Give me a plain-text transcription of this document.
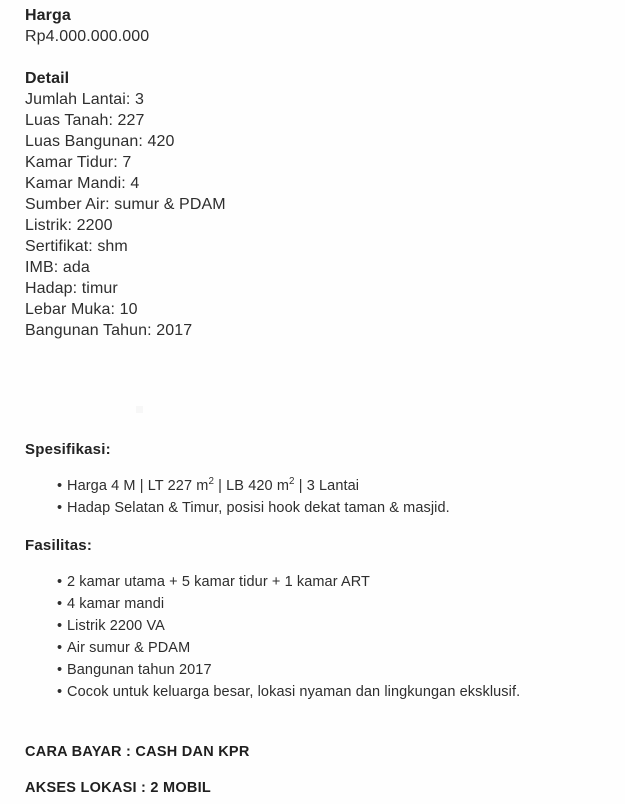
Harga

Rp4.000.000.000

Detail

Jumlah Lantai: 3

Luas Tanah: 227

Luas Bangunan: 420

Kamar Tidur: 7

Kamar Mandi: 4

Sumber Air: sumur & PDAM

Listrik: 2200

Sertifikat: shm

IMB: ada

Hadap: timur

Lebar Muka: 10

Bangunan Tahun: 2017

Spesifikasi:

• Harga 4 M | LT 227 $m^2$ | LB 420 $m^2$ | 3 Lantai
• Hadap Selatan & Timur, posisi hook dekat taman & masjid.

Fasilitas:

• 2 kamar utama + 5 kamar tidur + 1 kamar ART
• 4 kamar mandi
• Listrik 2200 VA
• Air sumur & PDAM
• Bangunan tahun 2017
• Cocok untuk keluarga besar, lokasi nyaman dan lingkungan eksklusif.

CARA BAYAR : CASH DAN KPR

AKSES LOKASI : 2 MOBIL
